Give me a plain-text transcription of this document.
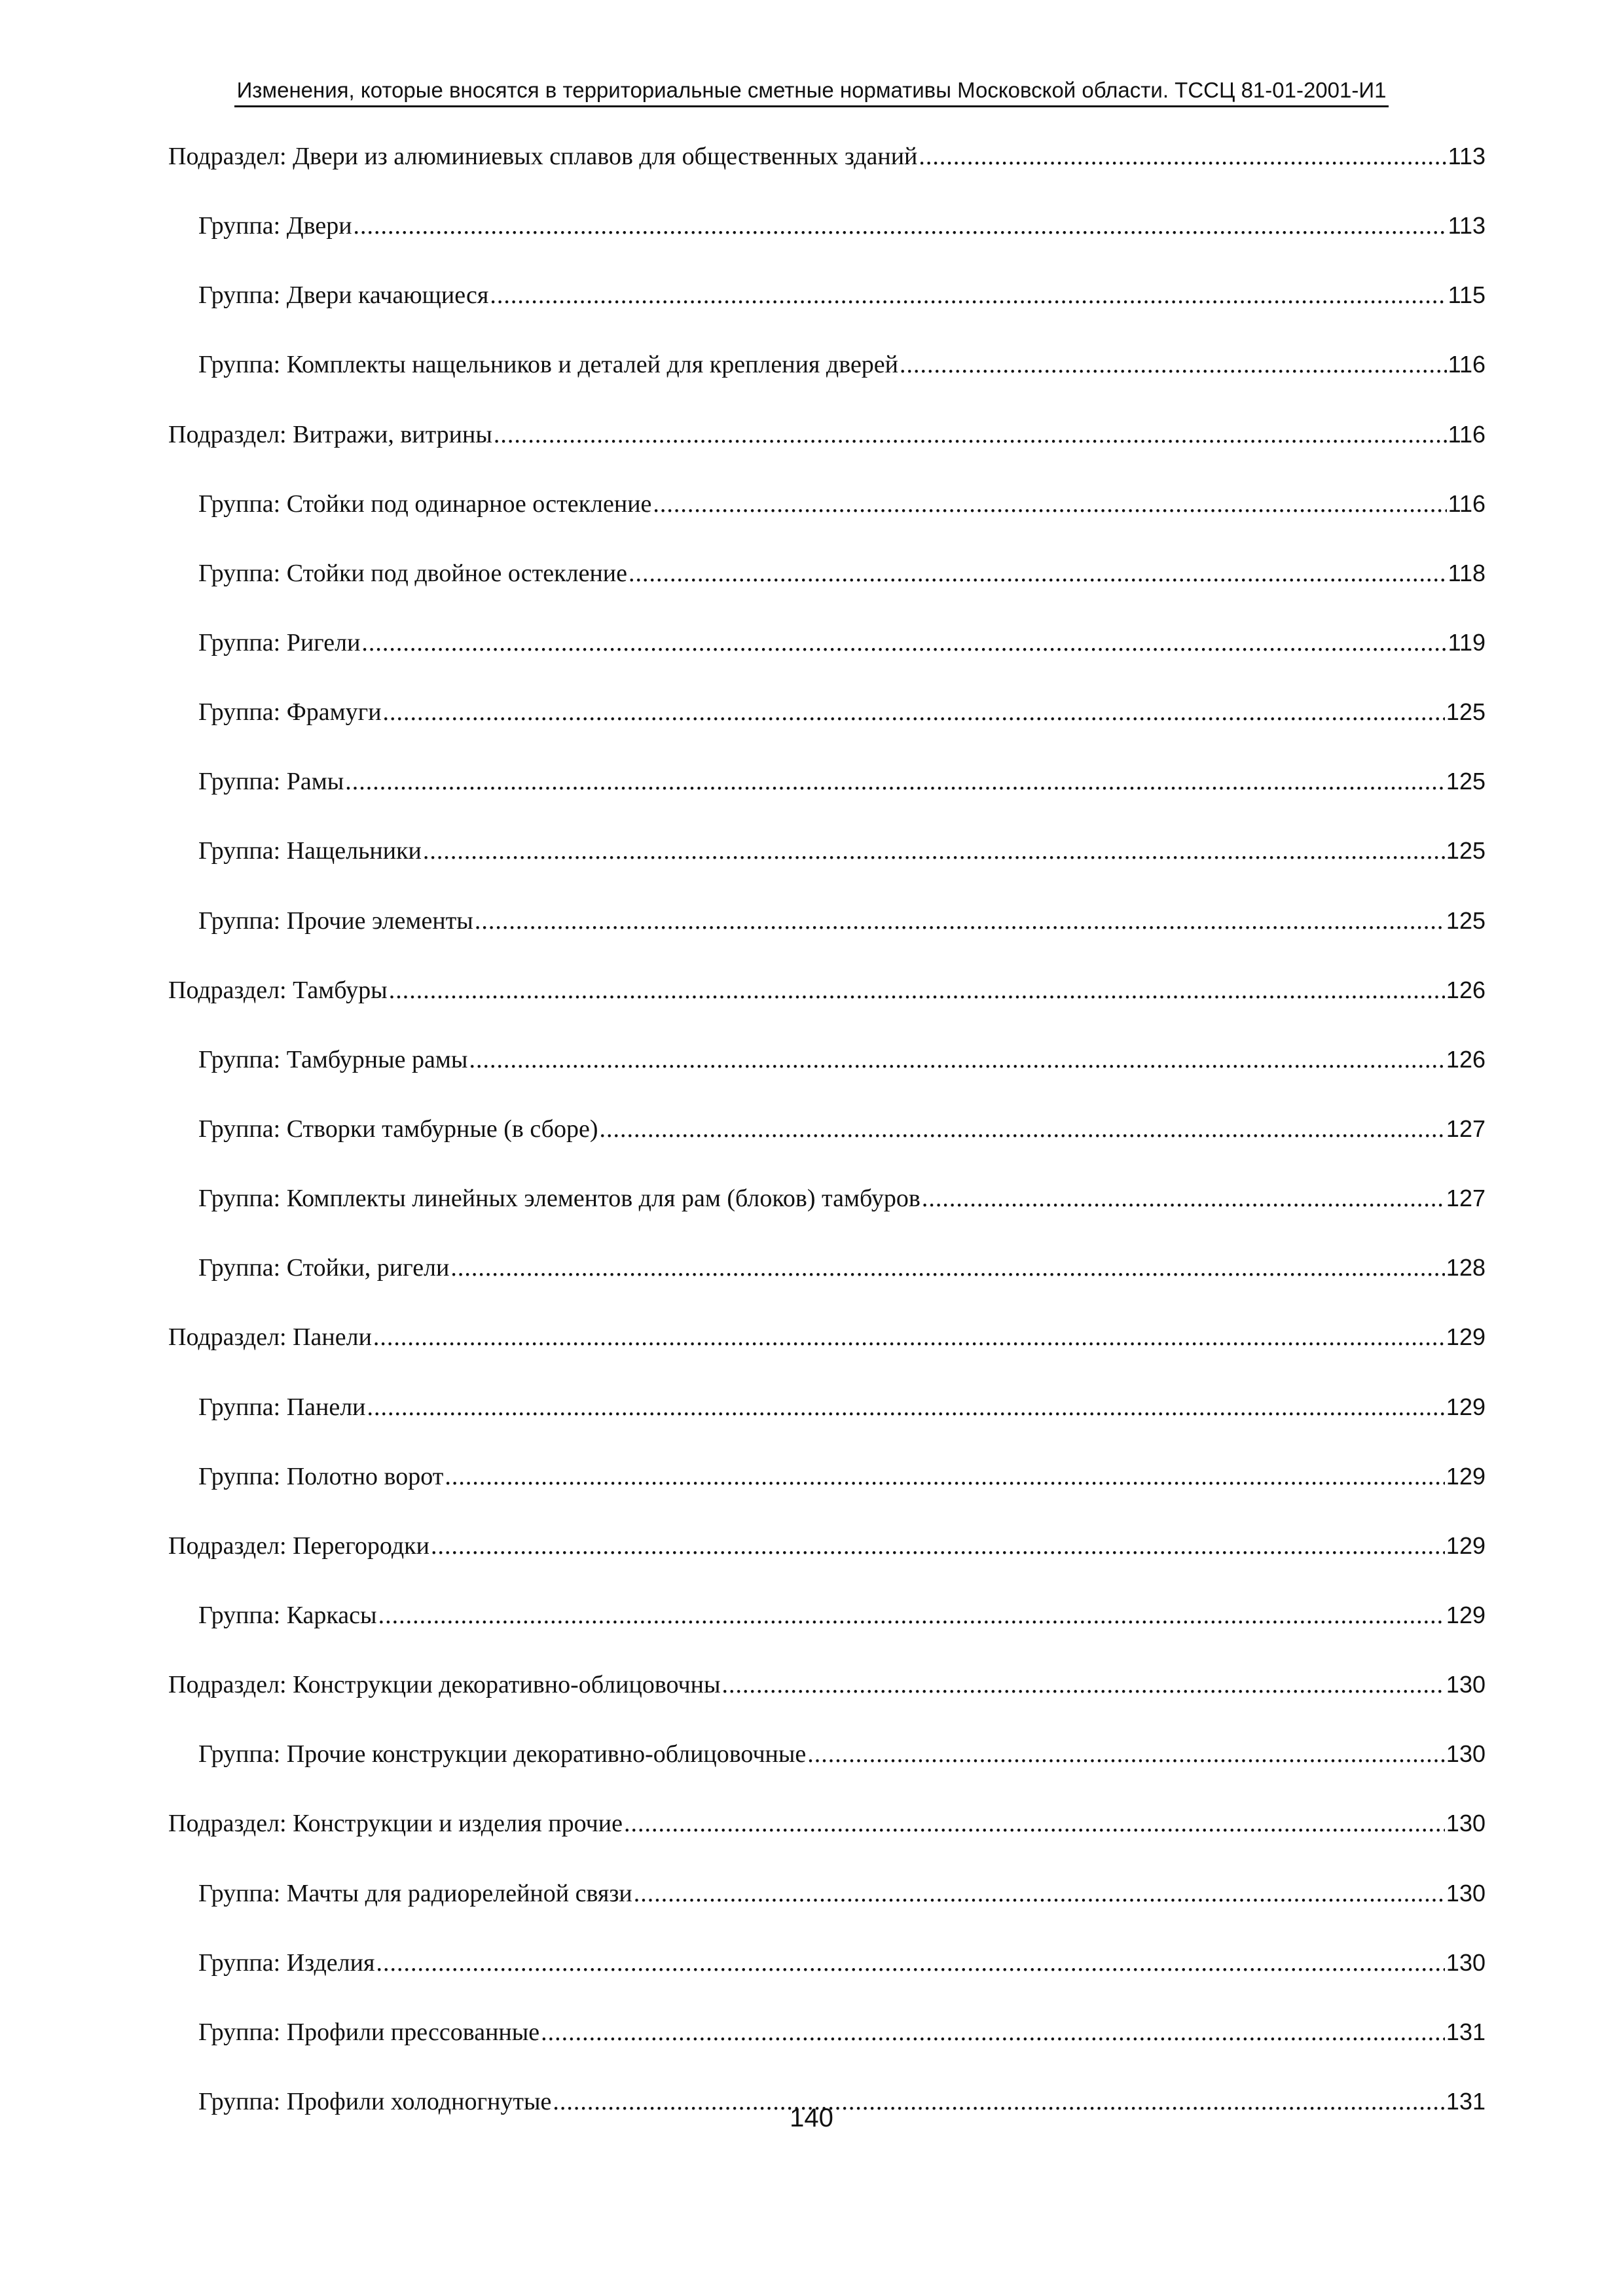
Изменения, которые вносятся в территориальные сметные нормативы Московской области. ТССЦ 81-01-2001-И1
Подраздел : Двери из алюминиевых сплавов для общественных зданий .....	113
Группа : Двери .....	113
Группа : Двери качающиеся .....	115
Группа : Комплекты нащельников и деталей для крепления дверей .....	116
Подраздел : Витражи, витрины .....	116
Группа : Стойки под одинарное остекление .....	116
Группа : Стойки под двойное остекление .....	118
Группа : Ригели .....	119
Группа : Фрамуги .....	125
Группа : Рамы .....	125
Группа : Нащельники .....	125
Группа : Прочие элементы .....	125
Подраздел : Тамбуры .....	126
Группа : Тамбурные рамы .....	126
Группа : Створки тамбурные (в сборе) .....	127
Группа : Комплекты линейных элементов для рам (блоков) тамбуров .....	127
Группа : Стойки, ригели .....	128
Подраздел : Панели .....	129
Группа : Панели .....	129
Группа : Полотно ворот .....	129
Подраздел : Перегородки .....	129
Группа : Каркасы .....	129
Подраздел : Конструкции декоративно-облицовочны .....	130
Группа : Прочие конструкции декоративно-облицовочные .....	130
Подраздел : Конструкции и изделия прочие .....	130
Группа : Мачты для радиорелейной связи .....	130
Группа : Изделия .....	130
Группа : Профили прессованные .....	131
Группа : Профили холодногнутые .....	131
140
